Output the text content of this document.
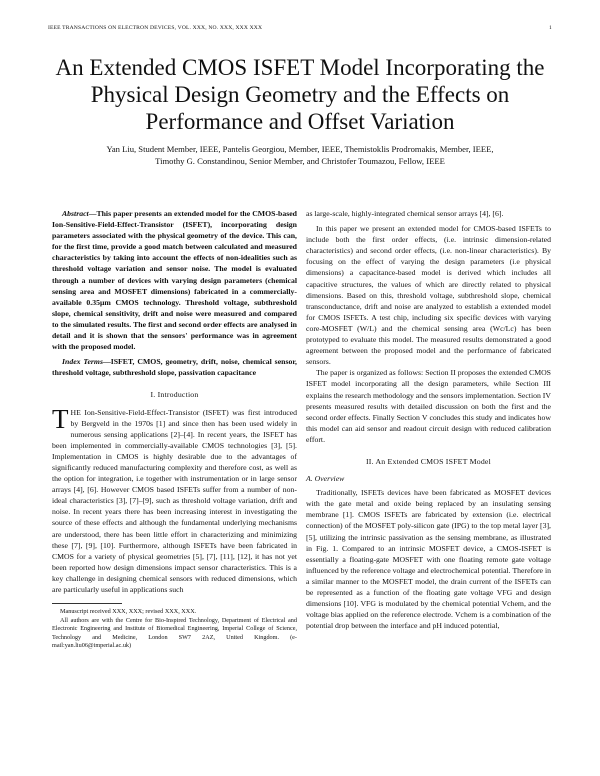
IEEE TRANSACTIONS ON ELECTRON DEVICES, VOL. XXX, NO. XXX, XXX XXX	1
An Extended CMOS ISFET Model Incorporating the Physical Design Geometry and the Effects on Performance and Offset Variation
Yan Liu, Student Member, IEEE, Pantelis Georgiou, Member, IEEE, Themistoklis Prodromakis, Member, IEEE,
Timothy G. Constandinou, Senior Member, and Christofer Toumazou, Fellow, IEEE

Abstract—This paper presents an extended model for the CMOS-based Ion-Sensitive-Field-Effect-Transistor (ISFET), incorporating design parameters associated with the physical geometry of the device. This can, for the first time, provide a good match between calculated and measured characteristics by taking into account the effects of non-idealities such as threshold voltage variation and sensor noise. The model is evaluated through a number of devices with varying design parameters (chemical sensing area and MOSFET dimensions) fabricated in a commercially-available 0.35μm CMOS technology. Threshold voltage, subthreshold slope, chemical sensitivity, drift and noise were measured and compared to the simulated results. The first and second order effects are analysed in detail and it is shown that the sensors' performance was in agreement with the proposed model.

Index Terms—ISFET, CMOS, geometry, drift, noise, chemical sensor, threshold voltage, subthreshold slope, passivation capacitance

I. Introduction

THE Ion-Sensitive-Field-Effect-Transistor (ISFET) was first introduced by Bergveld in the 1970s [1] and since then has been used widely in numerous sensing applications [2]–[4]. In recent years, the ISFET has been implemented in commercially-available CMOS technologies [3], [5]. Implementation in CMOS is highly desirable due to the advantages of significantly reduced manufacturing complexity and therefore cost, as well as the option for integration, i.e together with instrumentation or in large sensor arrays [4], [6]. However CMOS based ISFETs suffer from a number of non-ideal characteristics [3], [7]–[9], such as threshold voltage variation, drift and noise. In recent years there has been increasing interest in investigating the source of these effects and although the fundamental underlying mechanisms are understood, there has been little effort in characterizing and minimizing these [7], [9], [10]. Furthermore, although ISFETs have been fabricated in CMOS for a variety of physical geometries [5], [7], [11], [12], it has not yet been reported how design dimensions impact sensor characteristics. This is a key challenge in designing chemical sensors with reduced dimensions, which are particularly useful in applications such

Manuscript received XXX, XXX; revised XXX, XXX.

All authors are with the Centre for Bio-Inspired Technology, Department of Electrical and Electronic Engineering and Institute of Biomedical Engineering, Imperial College of Science, Technology and Medicine, London SW7 2AZ, United Kingdom. (e-mail:yan.liu06@imperial.ac.uk)

as large-scale, highly-integrated chemical sensor arrays [4], [6].

In this paper we present an extended model for CMOS-based ISFETs to include both the first order effects, (i.e. intrinsic dimension-related characteristics) and second order effects, (i.e. non-linear characteristics). By focusing on the effect of varying the design parameters (i.e physical dimensions) a capacitance-based model is derived which includes all capacitive structures, the values of which are directly related to physical dimensions. Based on this, threshold voltage, subthreshold slope, chemical transconductance, drift and noise are analyzed to establish a extended model for CMOS ISFETs. A test chip, including six specific devices with varying core-MOSFET (W/L) and the chemical sensing area (Wc/Lc) has been prototyped to evaluate this model. The measured results demonstrated a good agreement between the proposed model and the performance of fabricated sensors.

The paper is organized as follows: Section II proposes the extended CMOS ISFET model incorporating all the design parameters, while Section III explains the research methodology and the sensors implementation. Section IV presents measured results with detailed discussion on both the first and the second order effects. Finally Section V concludes this study and indicates how this model can aid sensor and readout circuit design with reduced calibration effort.

II. An Extended CMOS ISFET Model
A. Overview

Traditionally, ISFETs devices have been fabricated as MOSFET devices with the gate metal and oxide being replaced by an insulating sensing membrane [1]. CMOS ISFETs are fabricated by extension (i.e. electrical connection) of the MOSFET poly-silicon gate (IPG) to the top metal layer [3], [5], utilizing the intrinsic passivation as the sensing membrane, as illustrated in Fig. 1. Compared to an intrinsic MOSFET device, a CMOS-ISFET is essentially a floating-gate MOSFET with one floating remote gate voltage influenced by the reference voltage and electrochemical potential. Therefore in a similar manner to the MOSFET model, the drain current of the ISFETs can be represented as a function of the floating gate voltage VFG and design dimensions [10]. VFG is modulated by the chemical potential Vchem, and the voltage bias applied on the reference electrode. Vchem is a combination of the potential drop between the interface and pH induced potential,
